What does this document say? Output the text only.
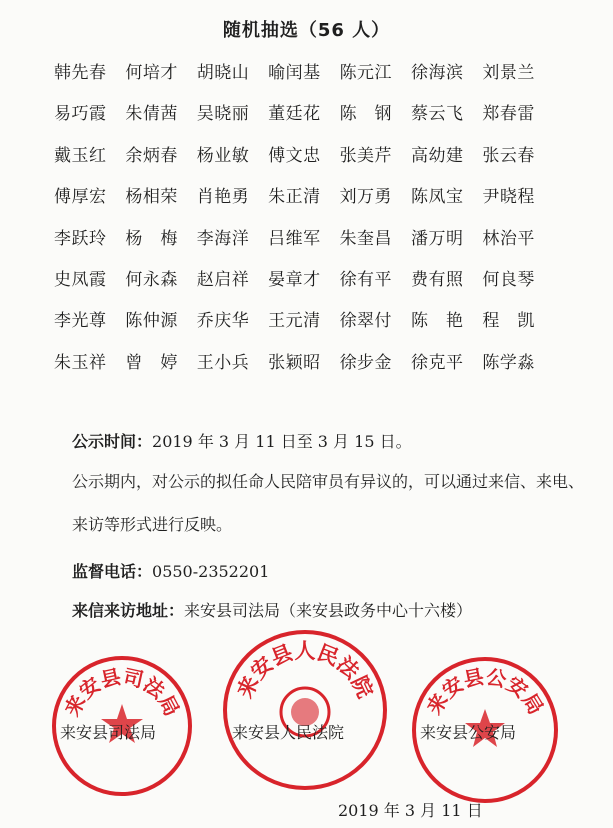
随机抽选（56 人）
韩先春	何培才	胡晓山	喻闰基	陈元江	徐海滨	刘景兰
易巧霞	朱倩茜	吴晓丽	董廷花	陈　钢	蔡云飞	郑春雷
戴玉红	余炳春	杨业敏	傅文忠	张美芹	高幼建	张云春
傅厚宏	杨相荣	肖艳勇	朱正清	刘万勇	陈凤宝	尹晓程
李跃玲	杨　梅	李海洋	吕维军	朱奎昌	潘万明	林治平
史凤霞	何永森	赵启祥	晏章才	徐有平	费有照	何良琴
李光尊	陈仲源	乔庆华	王元清	徐翠付	陈　艳	程　凯
朱玉祥	曾　婷	王小兵	张颖昭	徐步金	徐克平	陈学淼
公示时间：2019 年 3 月 11 日至 3 月 15 日。
公示期内，对公示的拟任命人民陪审员有异议的，可以通过来信、来电、来访等形式进行反映。
监督电话：0550-2352201
来信来访地址：来安县司法局（来安县政务中心十六楼）
来安县司法局
来安县司法局
来安县人民法院
来安县人民法院
来安县公安局
来安县公安局
2019 年 3 月 11 日
